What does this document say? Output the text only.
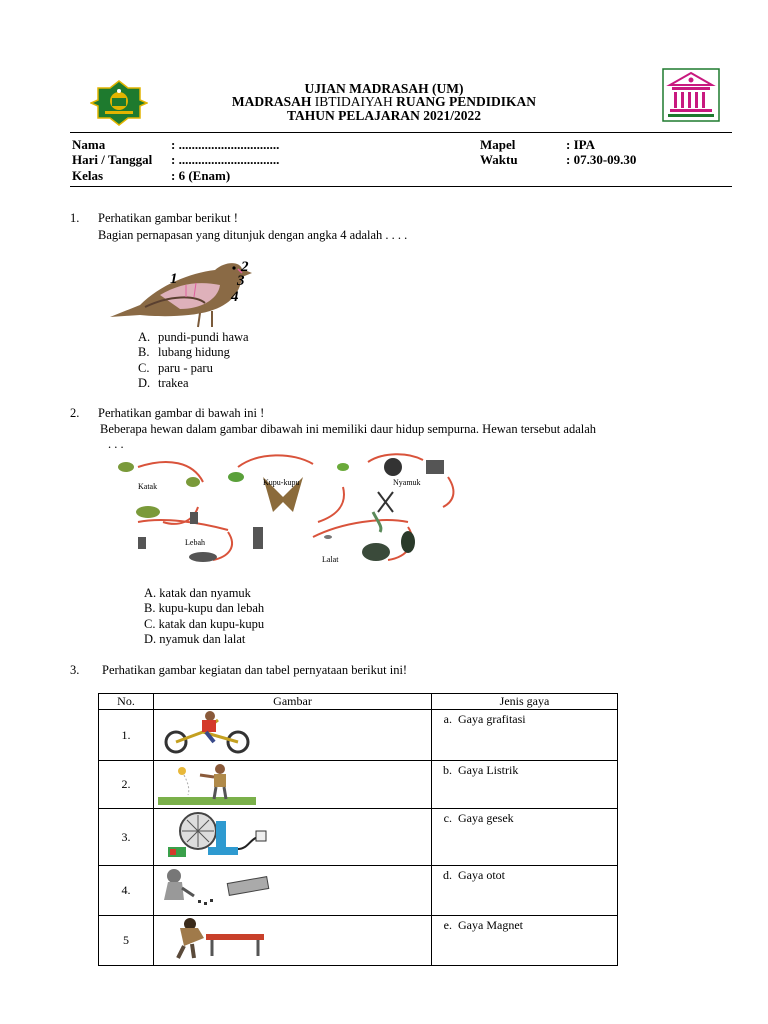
UJIAN MADRASAH (UM)
MADRASAH IBTIDAIYAH RUANG PENDIDIKAN
TAHUN PELAJARAN 2021/2022
Nama	: ...............................
Hari / Tanggal : ...............................
Kelas	: 6 (Enam)
Mapel	: IPA
Waktu	: 07.30-09.30
1. Perhatikan gambar berikut !
Bagian pernapasan yang ditunjuk dengan angka 4 adalah . . . .
1
2
3
4
A. pundi-pundi hawa
B. lubang hidung
C. paru - paru
D. trakea
2. Perhatikan gambar di bawah ini !
Beberapa hewan dalam gambar dibawah ini memiliki daur hidup sempurna. Hewan tersebut adalah
. . .
Katak	Kupu-kupu	Nyamuk
Lebah
Lalat
A. katak dan nyamuk
B. kupu-kupu dan lebah
C. katak dan kupu-kupu
D. nyamuk dan lalat
3. Perhatikan gambar kegiatan dan tabel pernyataan berikut ini!
No.	Gambar	Jenis gaya
1.		a. Gaya grafitasi

2.		b. Gaya Listrik

3.		c. Gaya gesek

4.		d. Gaya otot

5		e. Gaya Magnet
